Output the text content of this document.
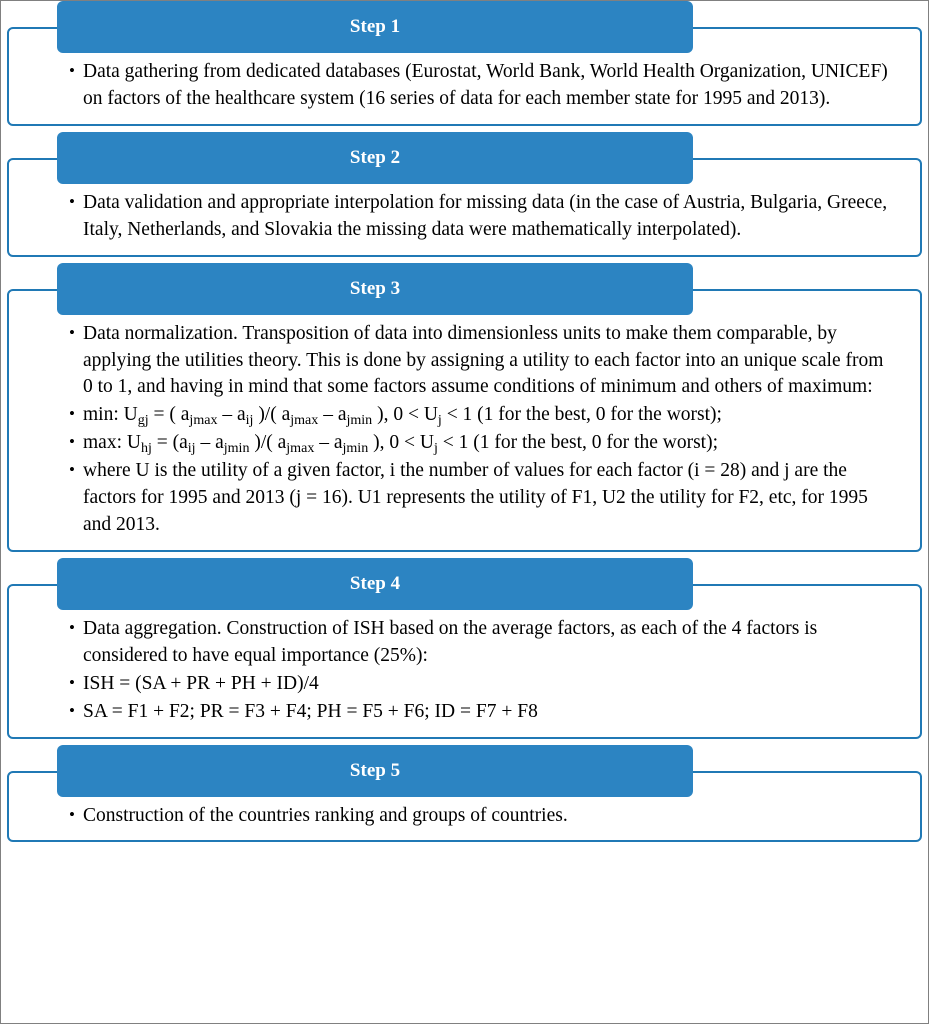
Step 1
• Data gathering from dedicated databases (Eurostat, World Bank, World Health Organization, UNICEF) on factors of the healthcare system (16 series of data for each member state for 1995 and 2013).
Step 2
• Data validation and appropriate interpolation for missing data (in the case of Austria, Bulgaria, Greece, Italy, Netherlands, and Slovakia the missing data were mathematically interpolated).
Step 3
• Data normalization. Transposition of data into dimensionless units to make them comparable, by applying the utilities theory. This is done by assigning a utility to each factor into an unique scale from 0 to 1, and having in mind that some factors assume conditions of minimum and others of maximum:
• min: $U_{gj}$ = ( $a_{jmax} - a_{ij}$ )/( $a_{jmax} - a_{jmin}$ ), $0 < U_j < 1$ (1 for the best, 0 for the worst);
• max: $U_{hj} = (a_{ij} - a_{jmin}$ )/( $a_{jmax} - a_{jmin}$ ), $0 < U_j < 1$ (1 for the best, 0 for the worst);
• where U is the utility of a given factor, i the number of values for each factor (i = 28) and j are the factors for 1995 and 2013 (j = 16). U1 represents the utility of F1, U2 the utility for F2, etc, for 1995 and 2013.
Step 4
• Data aggregation. Construction of ISH based on the average factors, as each of the 4 factors is considered to have equal importance (25%):
• ISH = (SA + PR + PH + ID)/4
• SA = F1 + F2; PR = F3 + F4; PH = F5 + F6; ID = F7 + F8
Step 5
• Construction of the countries ranking and groups of countries.
